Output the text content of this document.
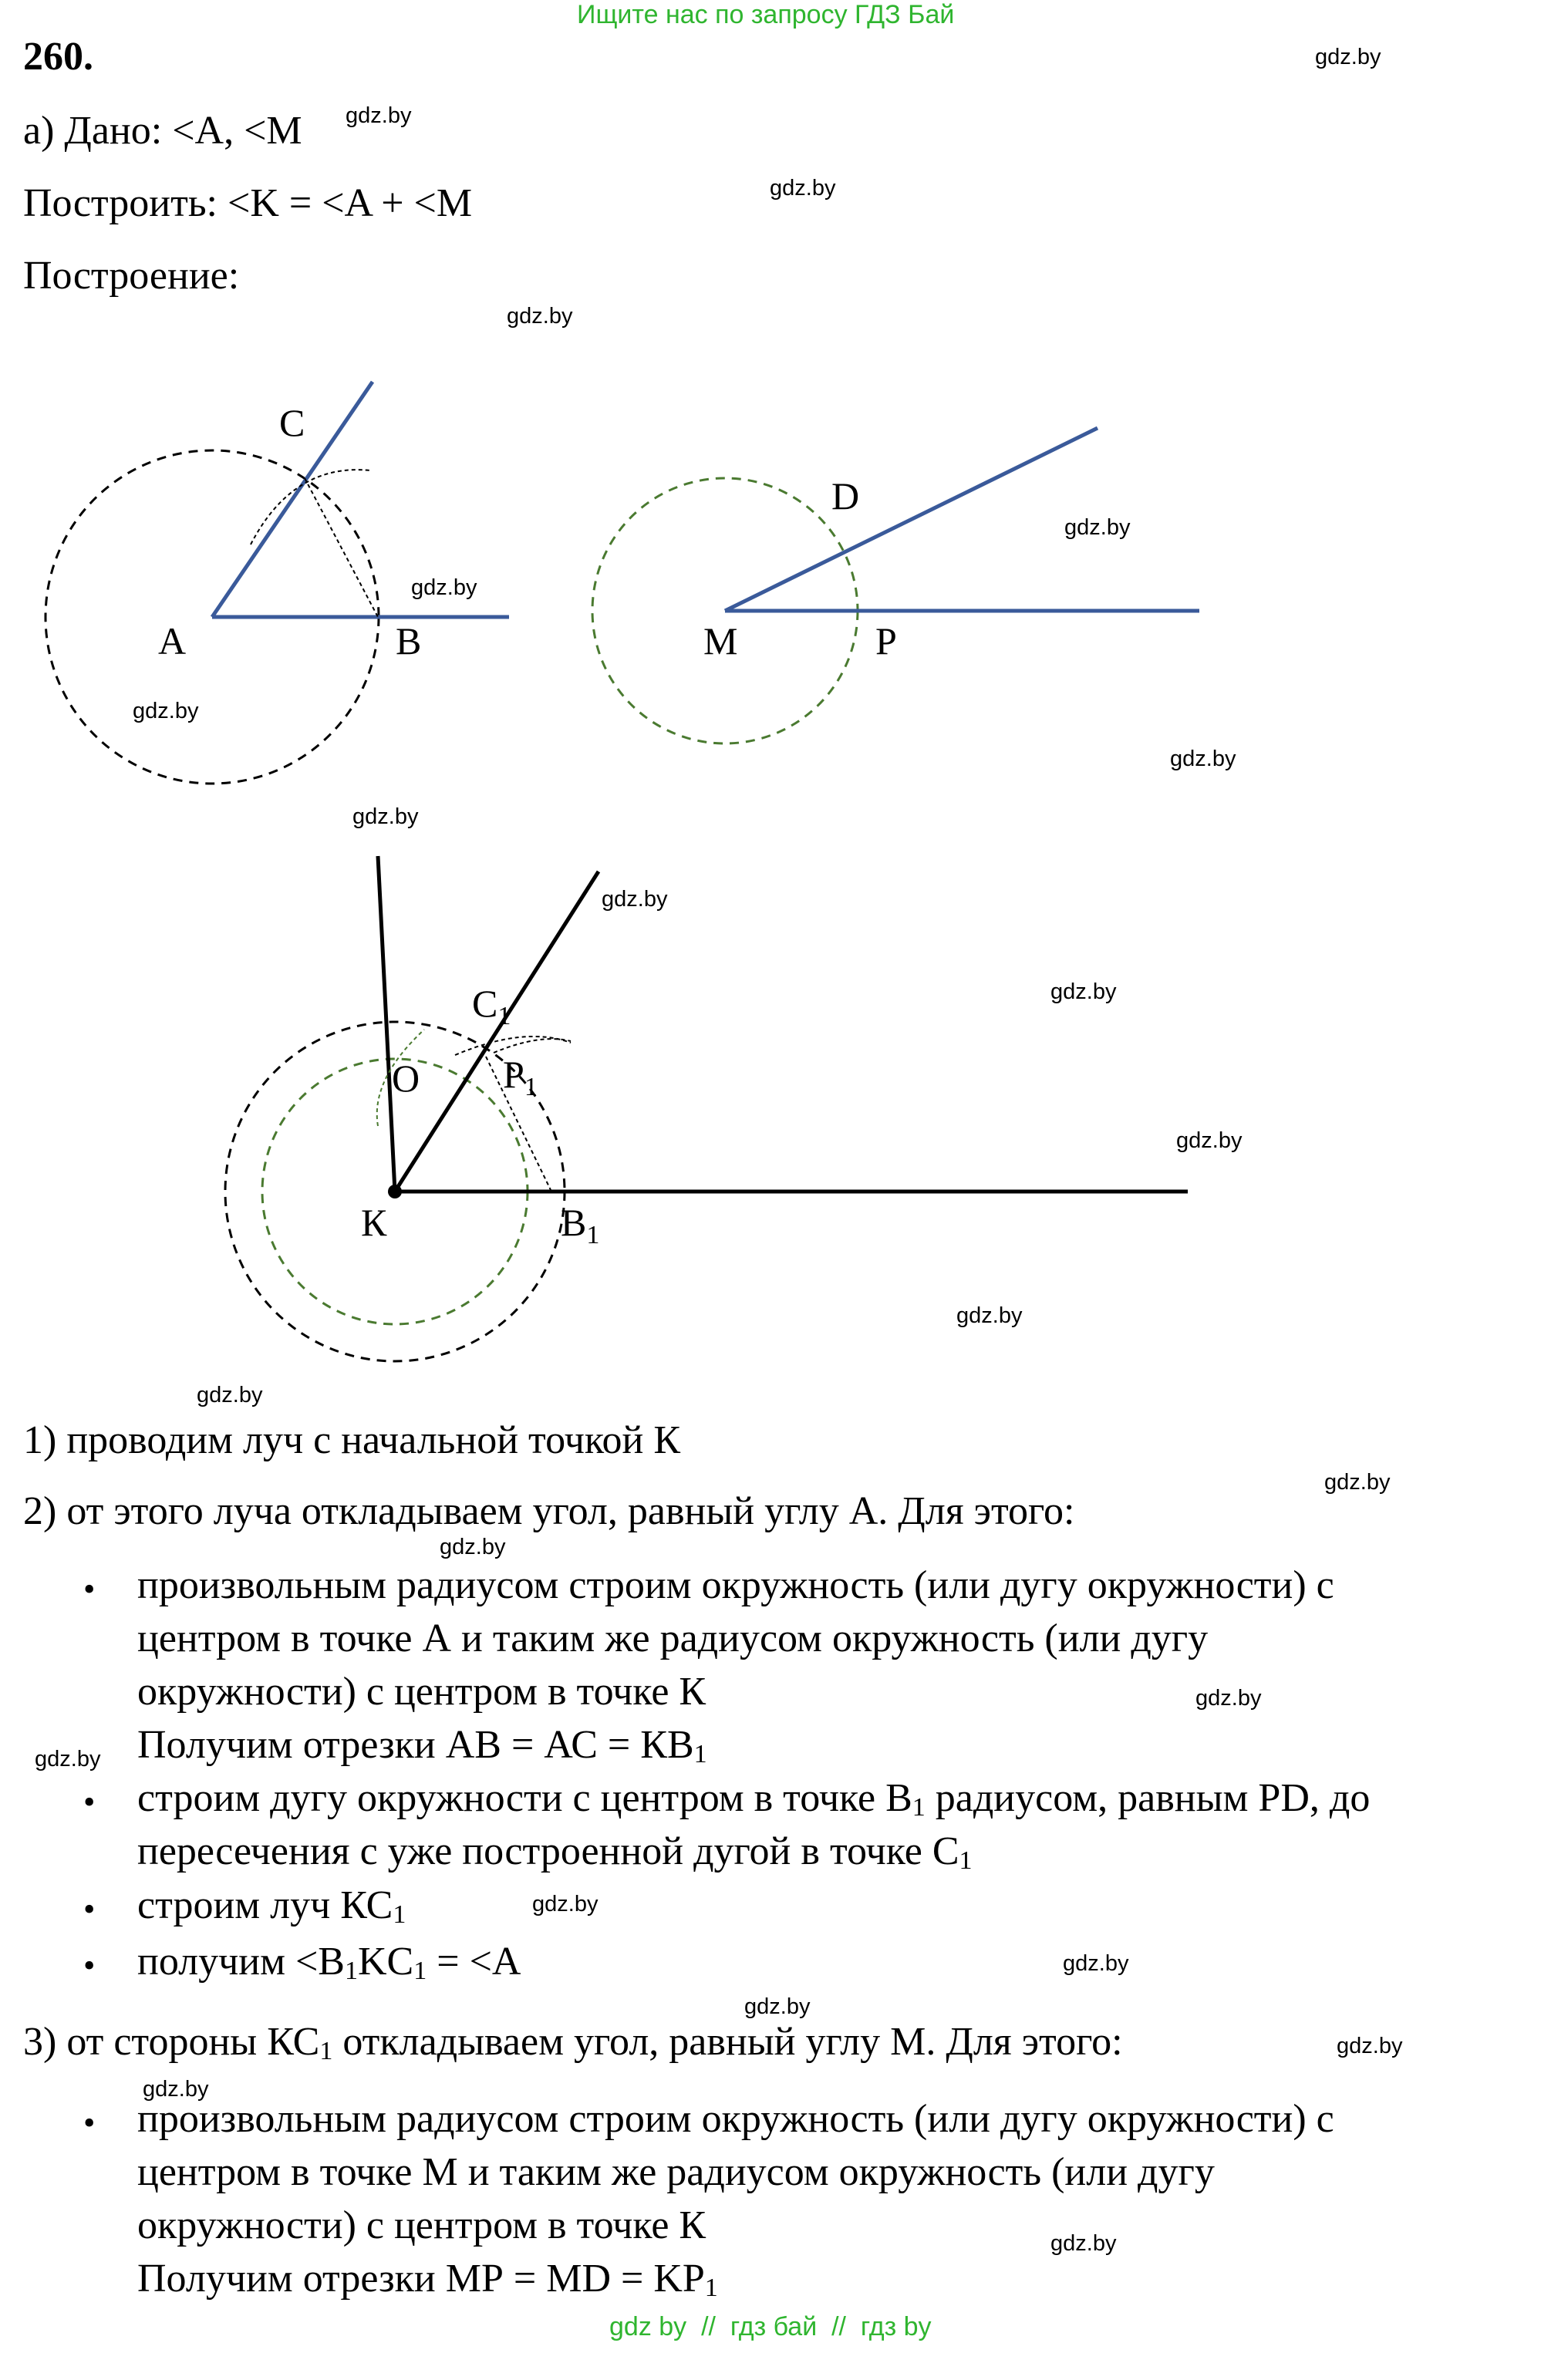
Ищите нас по запросу ГДЗ Бай
260.
а) Дано: <A, <M
Построить: <K = <A + <M
Построение:
C
A	B
D
M	P
$C_1$
O $P_1$
К	$B_1$
1) проводим луч с начальной точкой К
2) от этого луча откладываем угол, равный углу А. Для этого:
• произвольным радиусом строим окружность (или дугу окружности) с
центром в точке А и таким же радиусом окружность (или дугу
окружности) с центром в точке К
Получим отрезки АВ = АС = $КВ_1$
• строим дугу окружности с центром в точке $В_1$ радиусом, равным PD, до
пересечения с уже построенной дугой в точке $С_1$
• строим луч $КС_1$
• получим $<B_1KC_1 = <A$
3) от стороны $КС_1$ откладываем угол, равный углу М. Для этого:
• произвольным радиусом строим окружность (или дугу окружности) с
центром в точке М и таким же радиусом окружность (или дугу
окружности) с центром в точке К
Получим отрезки МР = MD = $KP_1$
gdz.by
gdz.by
gdz.by
gdz.by
gdz.by
gdz.by
gdz.by
gdz.by
gdz.by
gdz.by
gdz.by
gdz.by
gdz.by
gdz.by
gdz.by
gdz.by
gdz.by
gdz.by
gdz.by
gdz.by
gdz.by
gdz.by
gdz.by
gdz.by
gdz by  //  гдз бай  //  гдз by
